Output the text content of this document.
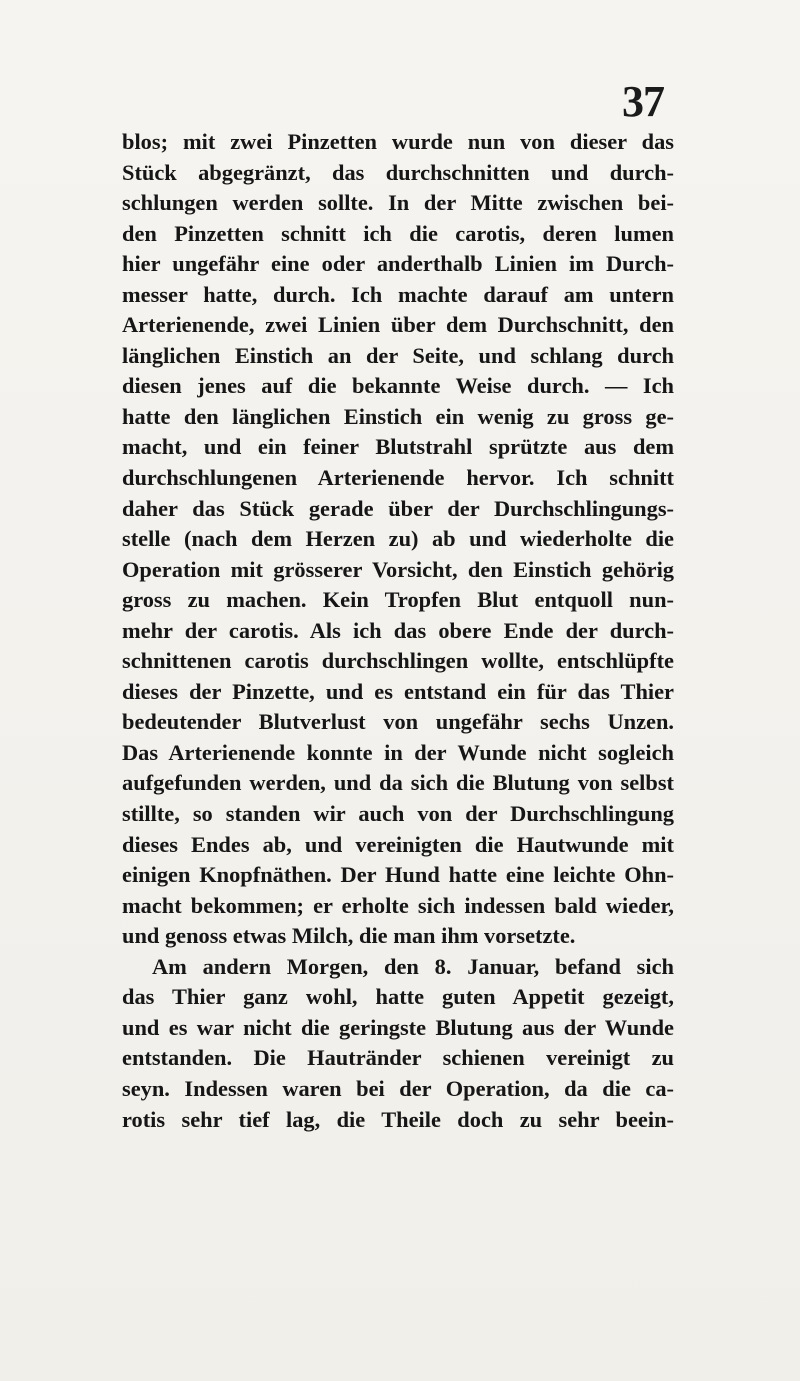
37
blos; mit zwei Pinzetten wurde nun von dieser das
Stück abgegränzt, das durchschnitten und durch-
schlungen werden sollte. In der Mitte zwischen bei-
den Pinzetten schnitt ich die carotis, deren lumen
hier ungefähr eine oder anderthalb Linien im Durch-
messer hatte, durch. Ich machte darauf am untern
Arterienende, zwei Linien über dem Durchschnitt, den
länglichen Einstich an der Seite, und schlang durch
diesen jenes auf die bekannte Weise durch. — Ich
hatte den länglichen Einstich ein wenig zu gross ge-
macht, und ein feiner Blutstrahl sprützte aus dem
durchschlungenen Arterienende hervor. Ich schnitt
daher das Stück gerade über der Durchschlingungs-
stelle (nach dem Herzen zu) ab und wiederholte die
Operation mit grösserer Vorsicht, den Einstich gehörig
gross zu machen. Kein Tropfen Blut entquoll nun-
mehr der carotis. Als ich das obere Ende der durch-
schnittenen carotis durchschlingen wollte, entschlüpfte
dieses der Pinzette, und es entstand ein für das Thier
bedeutender Blutverlust von ungefähr sechs Unzen.
Das Arterienende konnte in der Wunde nicht sogleich
aufgefunden werden, und da sich die Blutung von selbst
stillte, so standen wir auch von der Durchschlingung
dieses Endes ab, und vereinigten die Hautwunde mit
einigen Knopfnäthen. Der Hund hatte eine leichte Ohn-
macht bekommen; er erholte sich indessen bald wieder,
und genoss etwas Milch, die man ihm vorsetzte.
Am andern Morgen, den 8. Januar, befand sich
das Thier ganz wohl, hatte guten Appetit gezeigt,
und es war nicht die geringste Blutung aus der Wunde
entstanden. Die Hautränder schienen vereinigt zu
seyn. Indessen waren bei der Operation, da die ca-
rotis sehr tief lag, die Theile doch zu sehr beein-
